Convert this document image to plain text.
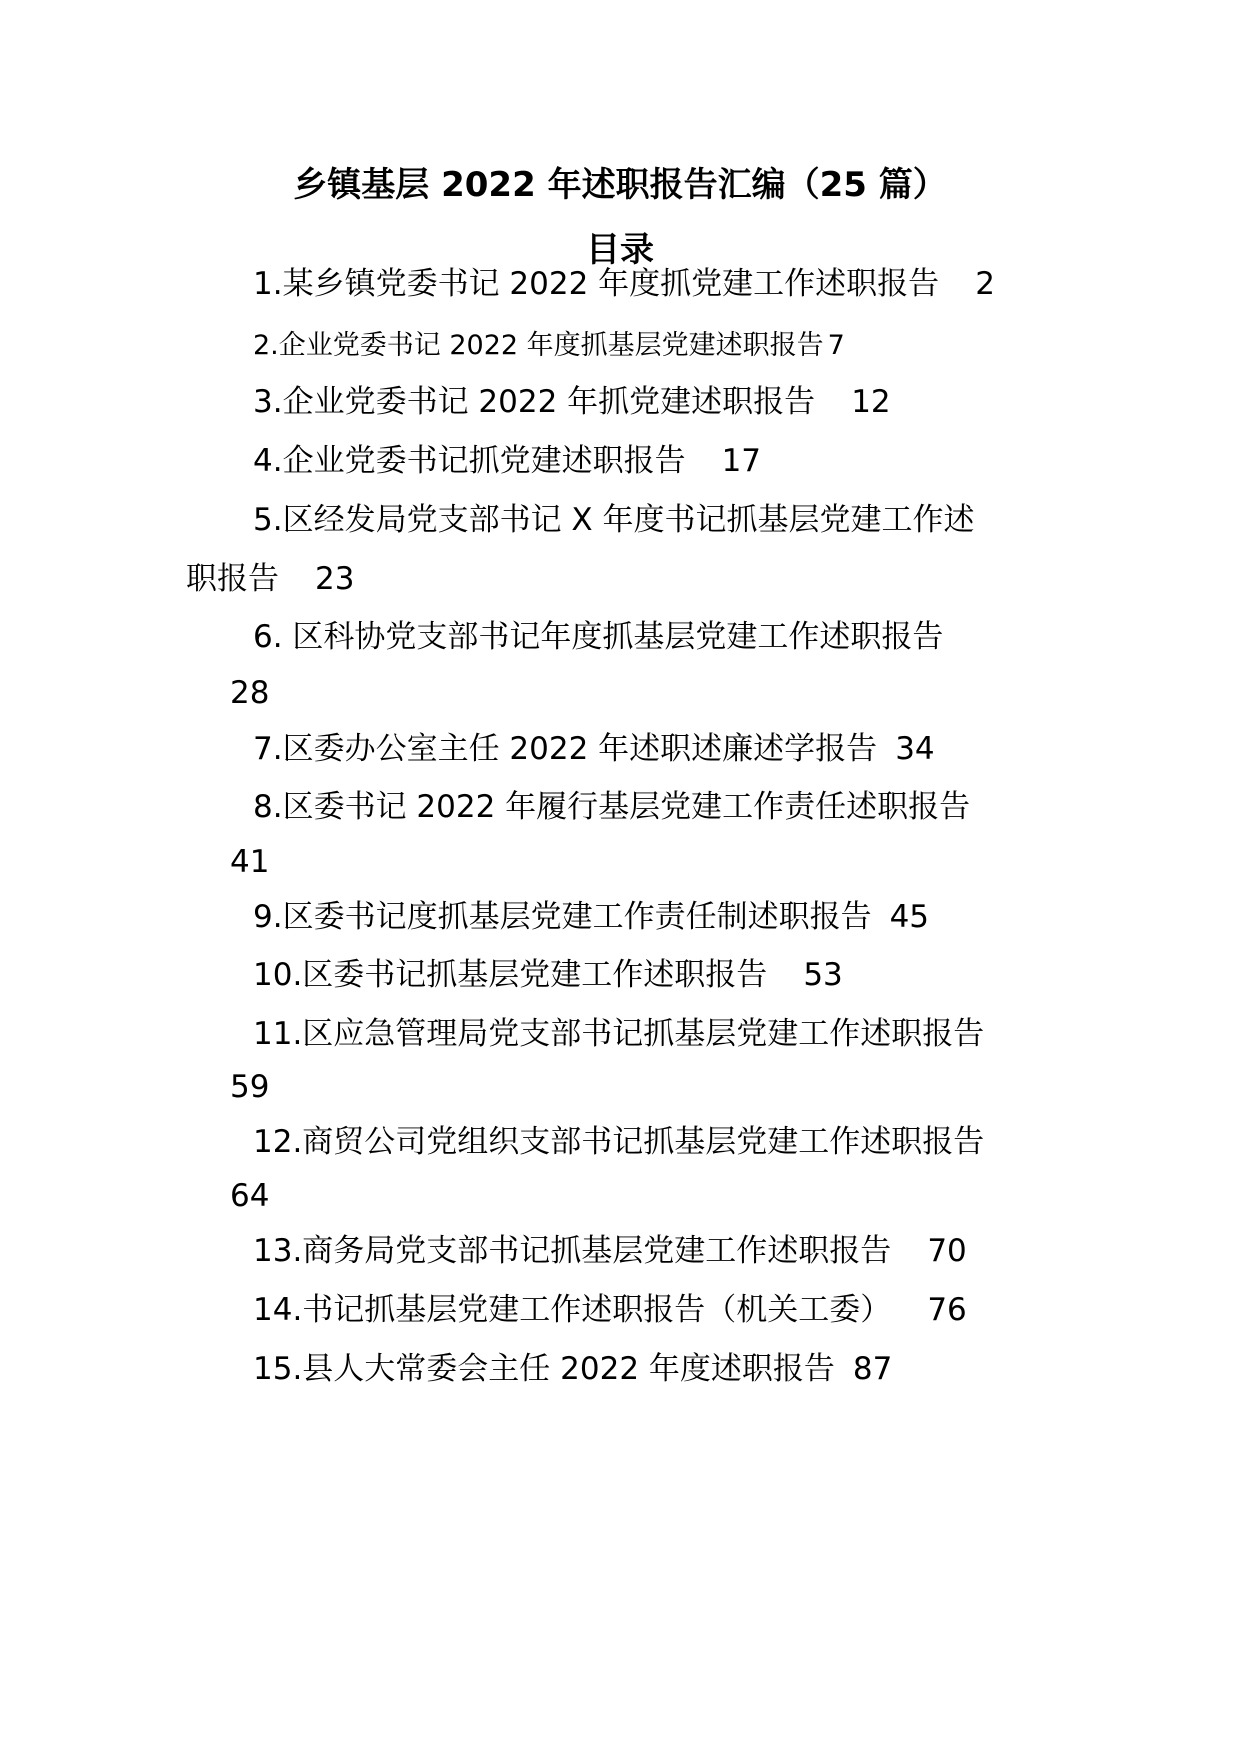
乡镇基层 2022 年述职报告汇编（25 篇）
目录
1.某乡镇党委书记 2022 年度抓党建工作述职报告 2
2.企业党委书记 2022 年度抓基层党建述职报告 7
3.企业党委书记 2022 年抓党建述职报告 12
4.企业党委书记抓党建述职报告 17
5.区经发局党支部书记 X 年度书记抓基层党建工作述
职报告 23
6. 区科协党支部书记年度抓基层党建工作述职报告
28
7.区委办公室主任 2022 年述职述廉述学报告 34
8.区委书记 2022 年履行基层党建工作责任述职报告
41
9.区委书记度抓基层党建工作责任制述职报告 45
10.区委书记抓基层党建工作述职报告 53
11.区应急管理局党支部书记抓基层党建工作述职报告
59
12.商贸公司党组织支部书记抓基层党建工作述职报告
64
13.商务局党支部书记抓基层党建工作述职报告 70
14.书记抓基层党建工作述职报告（机关工委） 76
15.县人大常委会主任 2022 年度述职报告 87
